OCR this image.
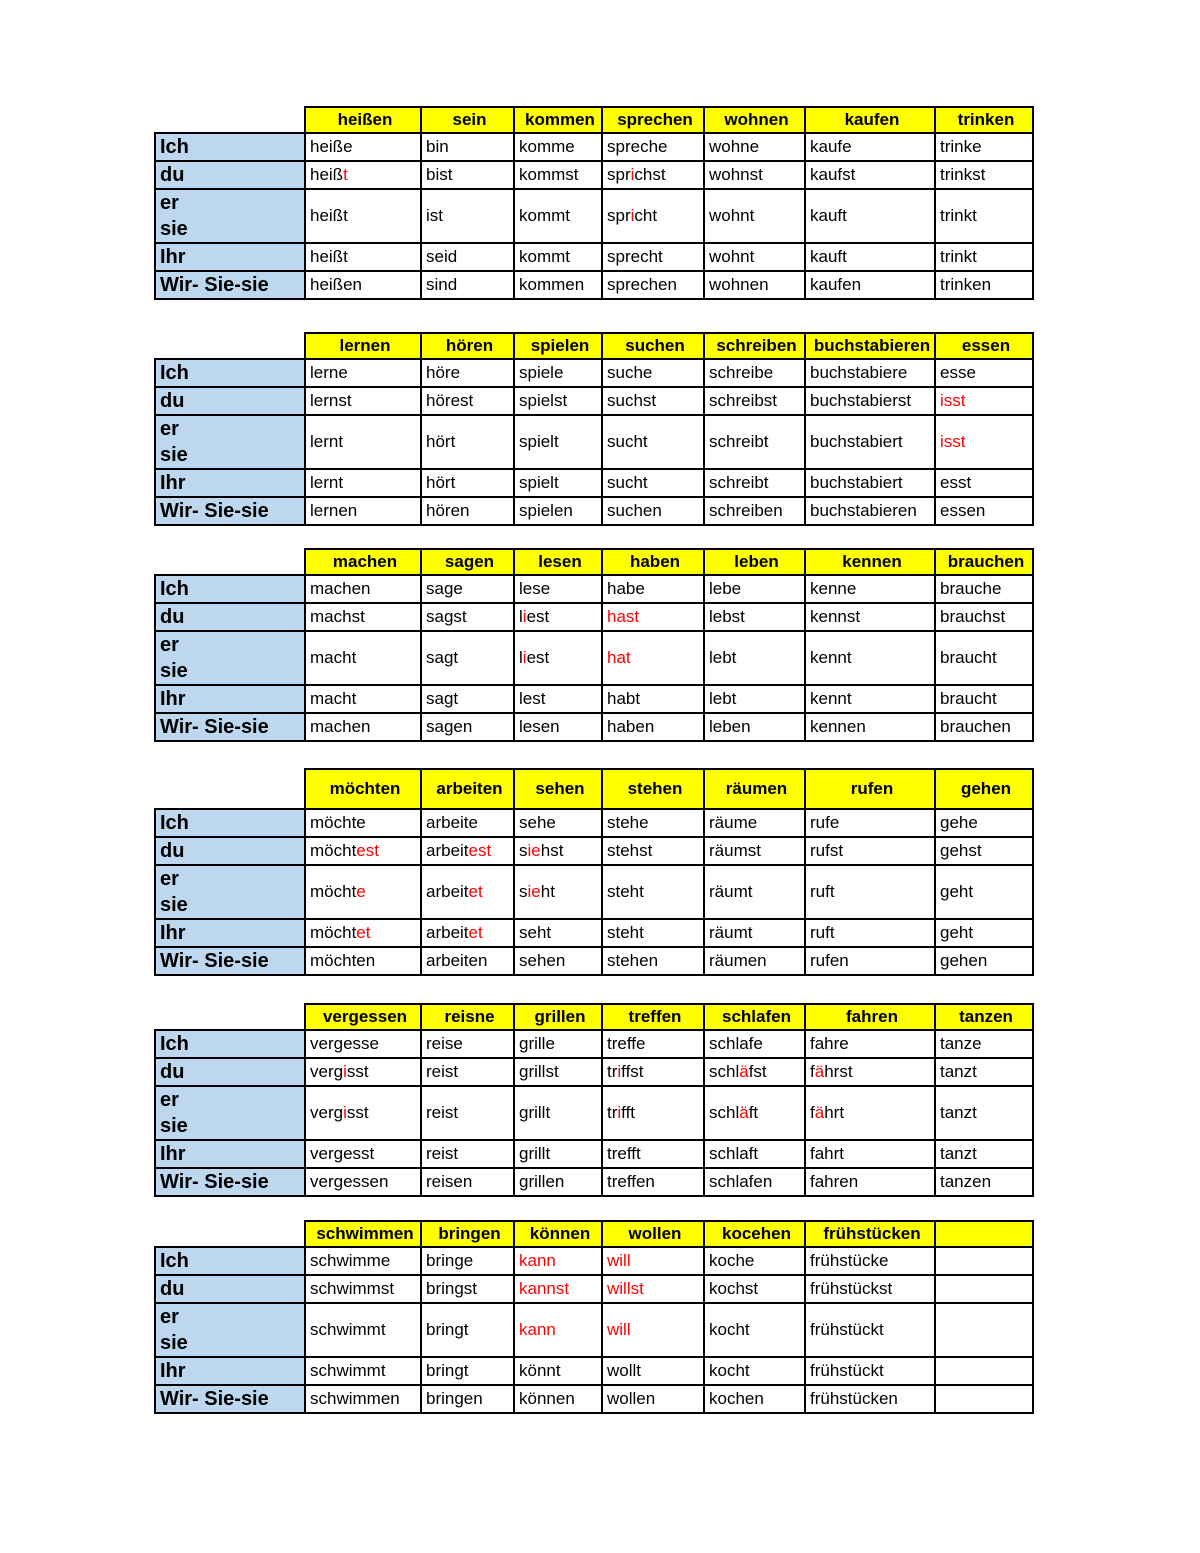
	heißen	sein	kommen	sprechen	wohnen	kaufen	trinken
Ich	heiße	bin	komme	spreche	wohne	kaufe	trinke
du	heißt	bist	kommst	sprichst	wohnst	kaufst	trinkst

er
sie	heißt	ist	kommt	spricht	wohnt	kauft	trinkt
Ihr	heißt	seid	kommt	sprecht	wohnt	kauft	trinkt
Wir- Sie-sie	heißen	sind	kommen	sprechen	wohnen	kaufen	trinken
	lernen	hören	spielen	suchen	schreiben	buchstabieren	essen
Ich	lerne	höre	spiele	suche	schreibe	buchstabiere	esse
du	lernst	hörest	spielst	suchst	schreibst	buchstabierst	isst

er
sie	lernt	hört	spielt	sucht	schreibt	buchstabiert	isst
Ihr	lernt	hört	spielt	sucht	schreibt	buchstabiert	esst
Wir- Sie-sie	lernen	hören	spielen	suchen	schreiben	buchstabieren	essen
	machen	sagen	lesen	haben	leben	kennen	brauchen
Ich	machen	sage	lese	habe	lebe	kenne	brauche
du	machst	sagst	liest	hast	lebst	kennst	brauchst

er
sie	macht	sagt	liest	hat	lebt	kennt	braucht
Ihr	macht	sagt	lest	habt	lebt	kennt	braucht
Wir- Sie-sie	machen	sagen	lesen	haben	leben	kennen	brauchen
	möchten	arbeiten	sehen	stehen	räumen	rufen	gehen
Ich	möchte	arbeite	sehe	stehe	räume	rufe	gehe
du	möchtest	arbeitest	siehst	stehst	räumst	rufst	gehst

er
sie	möchte	arbeitet	sieht	steht	räumt	ruft	geht
Ihr	möchtet	arbeitet	seht	steht	räumt	ruft	geht
Wir- Sie-sie	möchten	arbeiten	sehen	stehen	räumen	rufen	gehen
	vergessen	reisne	grillen	treffen	schlafen	fahren	tanzen
Ich	vergesse	reise	grille	treffe	schlafe	fahre	tanze
du	vergisst	reist	grillst	triffst	schläfst	fährst	tanzt

er
sie	vergisst	reist	grillt	trifft	schläft	fährt	tanzt
Ihr	vergesst	reist	grillt	trefft	schlaft	fahrt	tanzt
Wir- Sie-sie	vergessen	reisen	grillen	treffen	schlafen	fahren	tanzen
	schwimmen	bringen	können	wollen	kocehen	frühstücken	
Ich	schwimme	bringe	kann	will	koche	frühstücke	
du	schwimmst	bringst	kannst	willst	kochst	frühstückst	

er
sie	schwimmt	bringt	kann	will	kocht	frühstückt	
Ihr	schwimmt	bringt	könnt	wollt	kocht	frühstückt	
Wir- Sie-sie	schwimmen	bringen	können	wollen	kochen	frühstücken	
